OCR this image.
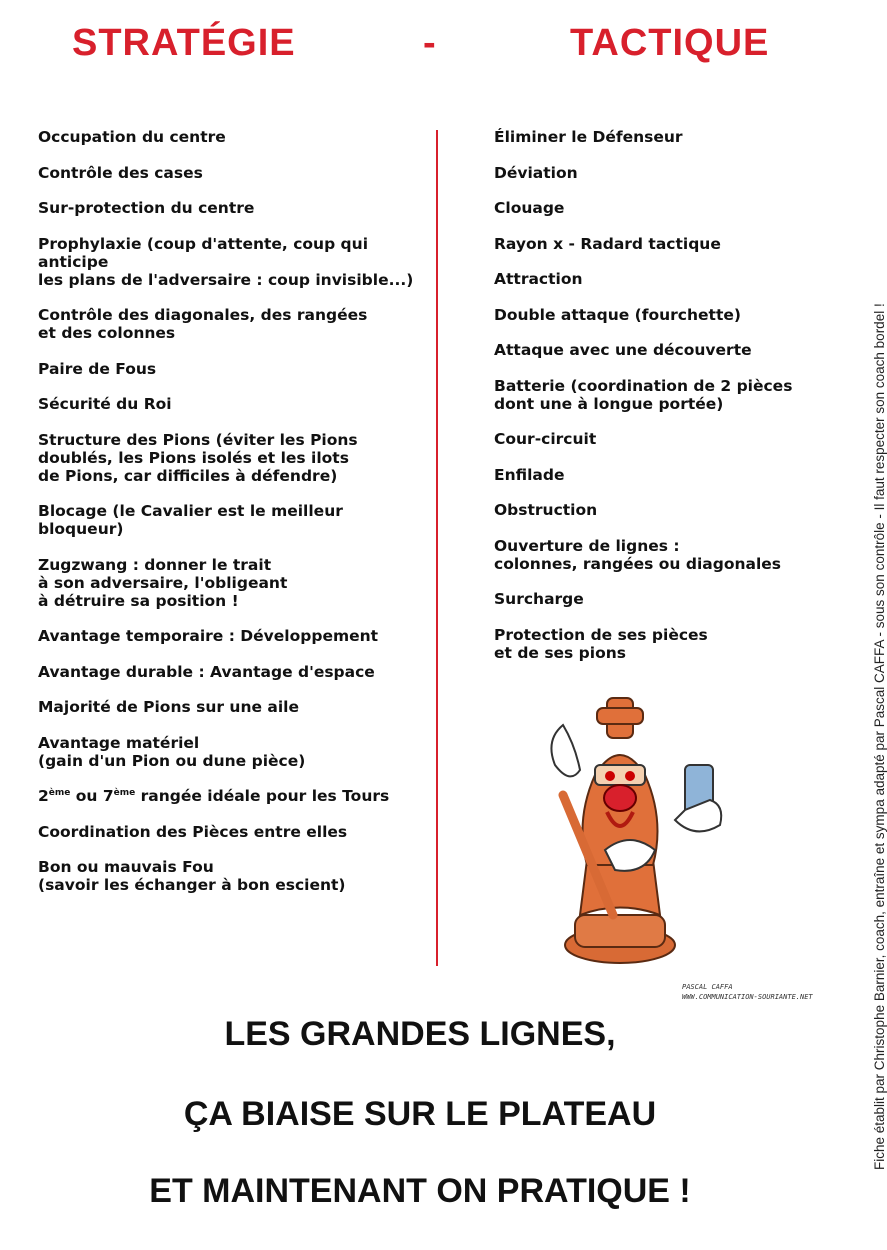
STRATÉGIE	-	TACTIQUE
Occupation du centre
Contrôle des cases
Sur-protection du centre
Prophylaxie (coup d'attente, coup qui
anticipe
les plans de l'adversaire : coup invisible...)
Contrôle des diagonales, des rangées
et des colonnes
Paire de Fous
Sécurité du Roi
Structure des Pions (éviter les Pions
doublés, les Pions isolés et les ilots
de Pions, car difficiles à défendre)
Blocage (le Cavalier est le meilleur
bloqueur)
Zugzwang : donner le trait
à son adversaire, l'obligeant
à détruire sa position !
Avantage temporaire : Développement
Avantage durable : Avantage d'espace
Majorité de Pions sur une aile
Avantage matériel
(gain d'un Pion ou dune pièce)
2ème ou 7ème rangée idéale pour les Tours
Coordination des Pièces entre elles
Bon ou mauvais Fou
(savoir les échanger à bon escient)
Éliminer le Défenseur
Déviation
Clouage
Rayon x - Radard tactique
Attraction
Double attaque (fourchette)
Attaque avec une découverte
Batterie (coordination de 2 pièces
dont une à longue portée)
Cour-circuit
Enfilade
Obstruction
Ouverture de lignes :
colonnes, rangées ou diagonales
Surcharge
Protection de ses pièces
et de ses pions
PASCAL CAFFA
WWW.COMMUNICATION-SOURIANTE.NET
LES GRANDES LIGNES,
ÇA BIAISE SUR LE PLATEAU
ET MAINTENANT ON PRATIQUE !
Fiche établit par Christophe Barnier, coach, entraîne et sympa adapté par Pascal CAFFA - sous son contrôle - Il faut respecter son coach bordel !
